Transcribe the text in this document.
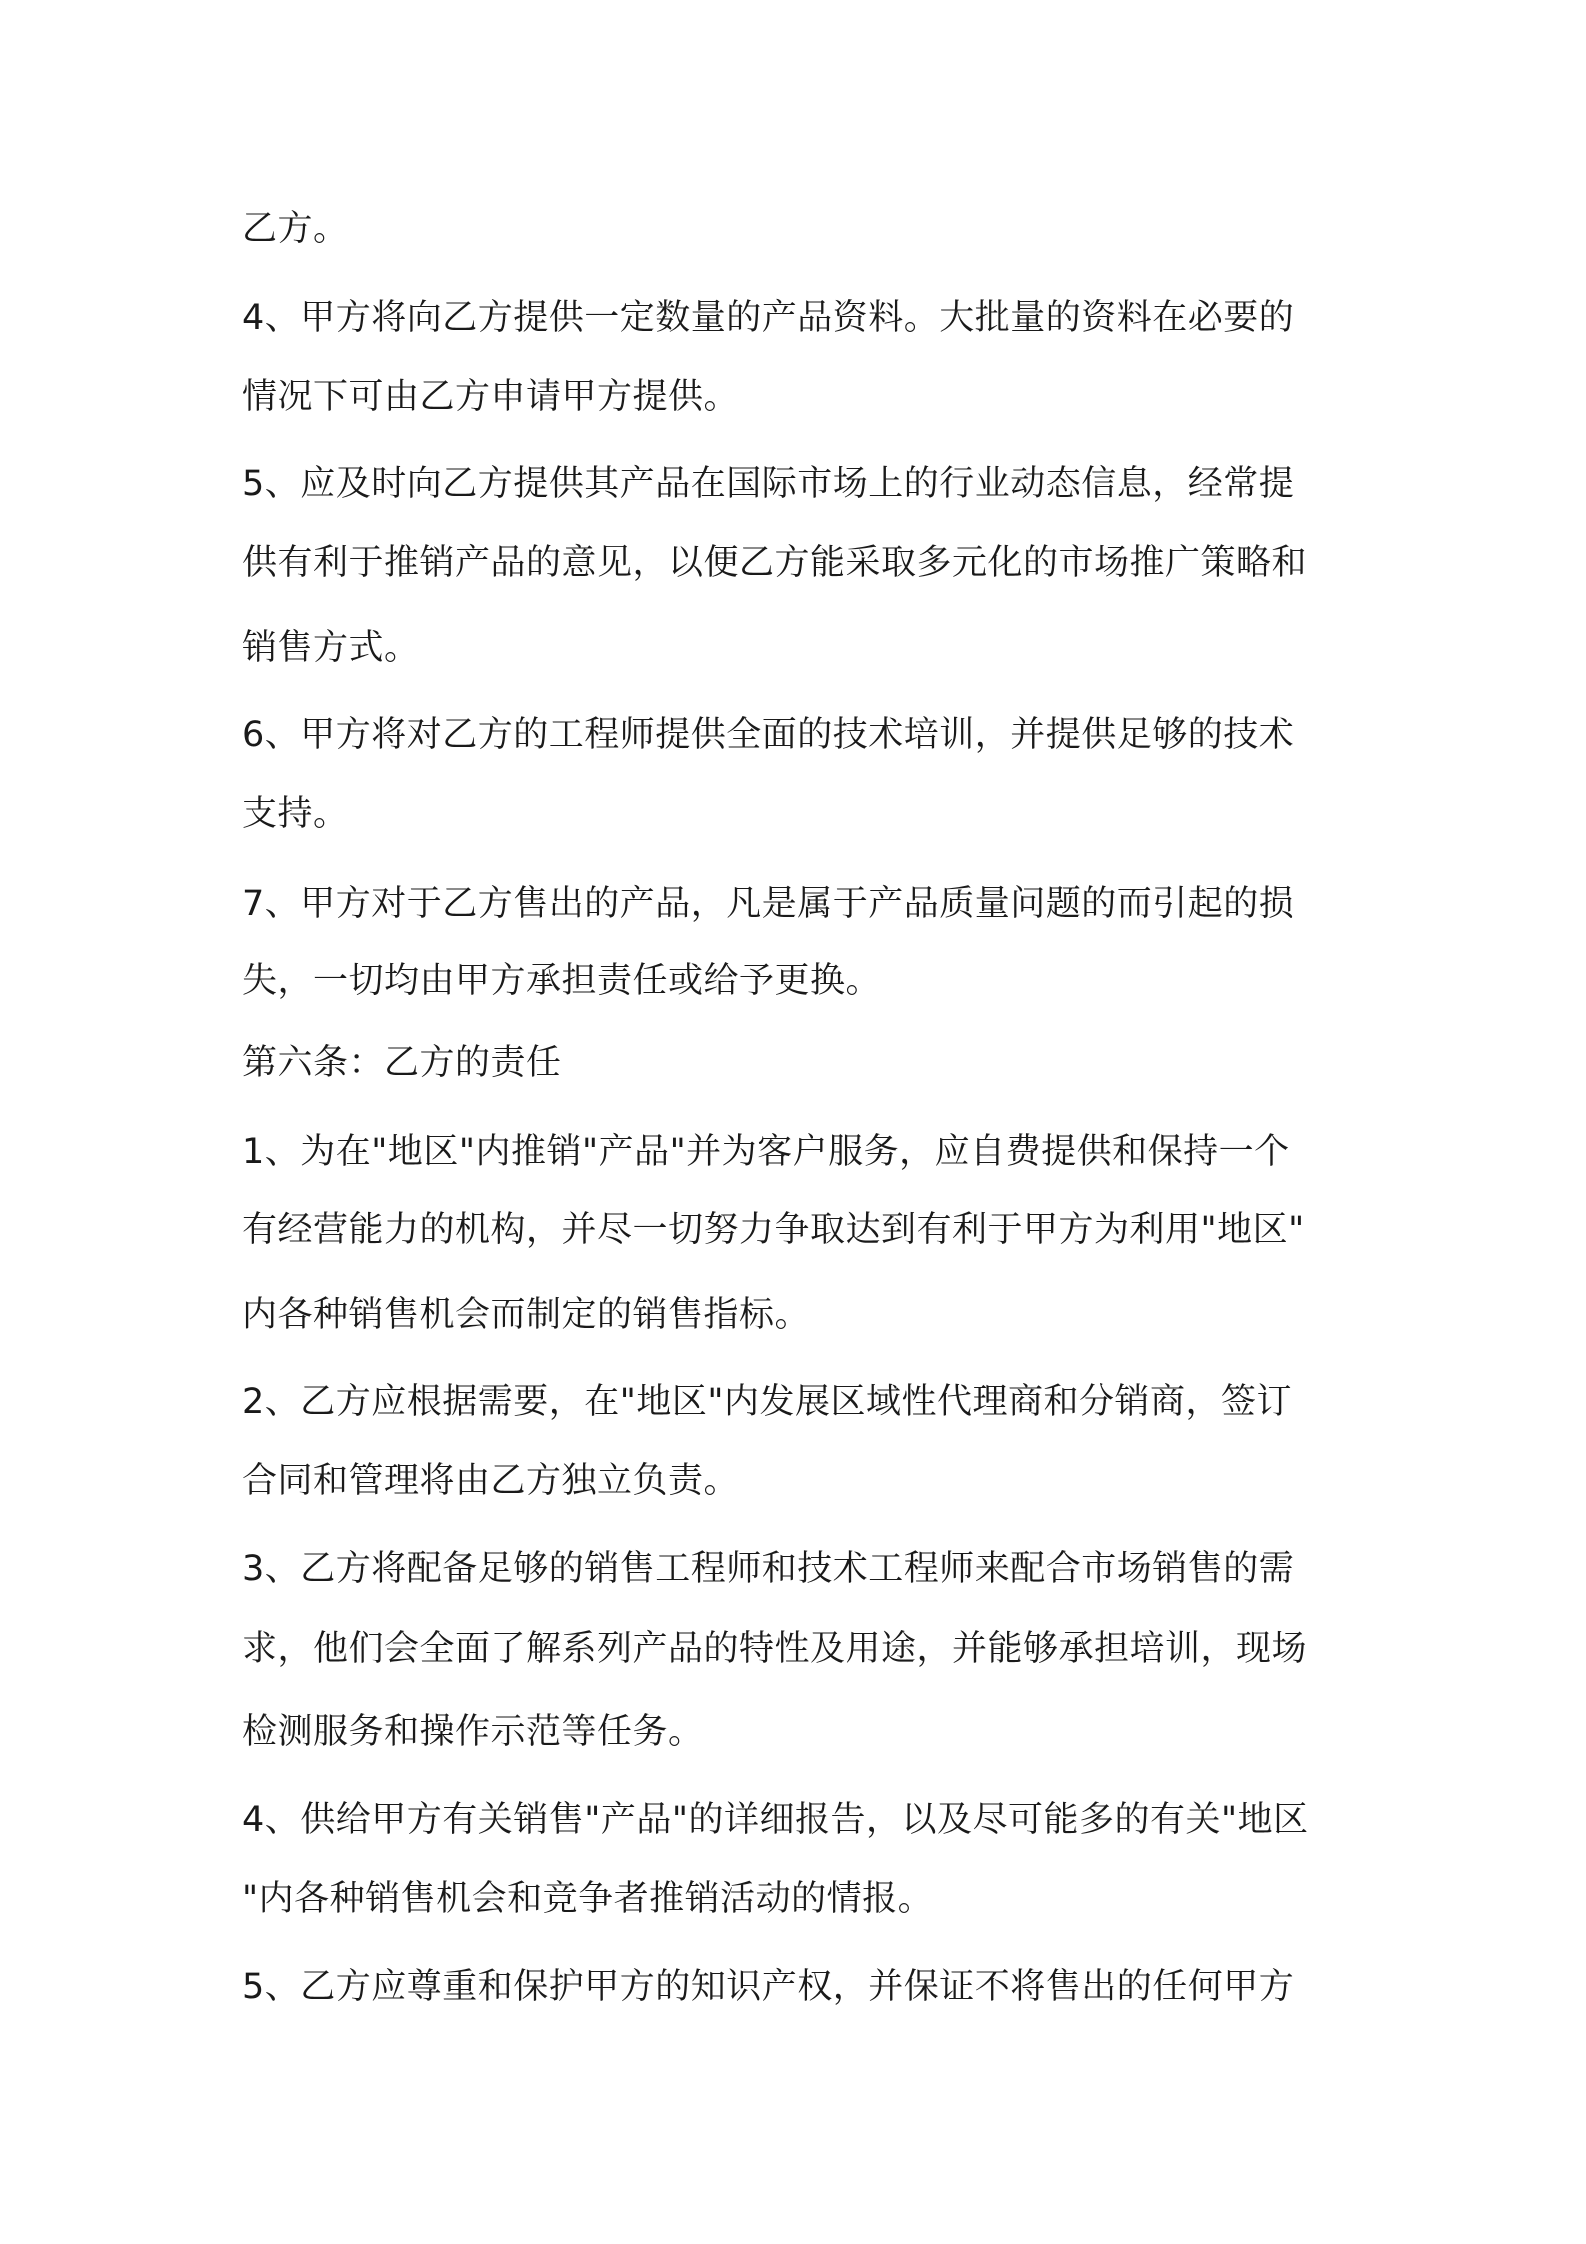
乙方。
4、甲方将向乙方提供一定数量的产品资料。大批量的资料在必要的
情况下可由乙方申请甲方提供。
5、应及时向乙方提供其产品在国际市场上的行业动态信息，经常提
供有利于推销产品的意见，以便乙方能采取多元化的市场推广策略和
销售方式。
6、甲方将对乙方的工程师提供全面的技术培训，并提供足够的技术
支持。
7、甲方对于乙方售出的产品，凡是属于产品质量问题的而引起的损
失，一切均由甲方承担责任或给予更换。
第六条：乙方的责任
1、为在"地区"内推销"产品"并为客户服务，应自费提供和保持一个
有经营能力的机构，并尽一切努力争取达到有利于甲方为利用"地区"
内各种销售机会而制定的销售指标。
2、乙方应根据需要，在"地区"内发展区域性代理商和分销商，签订
合同和管理将由乙方独立负责。
3、乙方将配备足够的销售工程师和技术工程师来配合市场销售的需
求，他们会全面了解系列产品的特性及用途，并能够承担培训，现场
检测服务和操作示范等任务。
4、供给甲方有关销售"产品"的详细报告，以及尽可能多的有关"地区
"内各种销售机会和竞争者推销活动的情报。
5、乙方应尊重和保护甲方的知识产权，并保证不将售出的任何甲方
